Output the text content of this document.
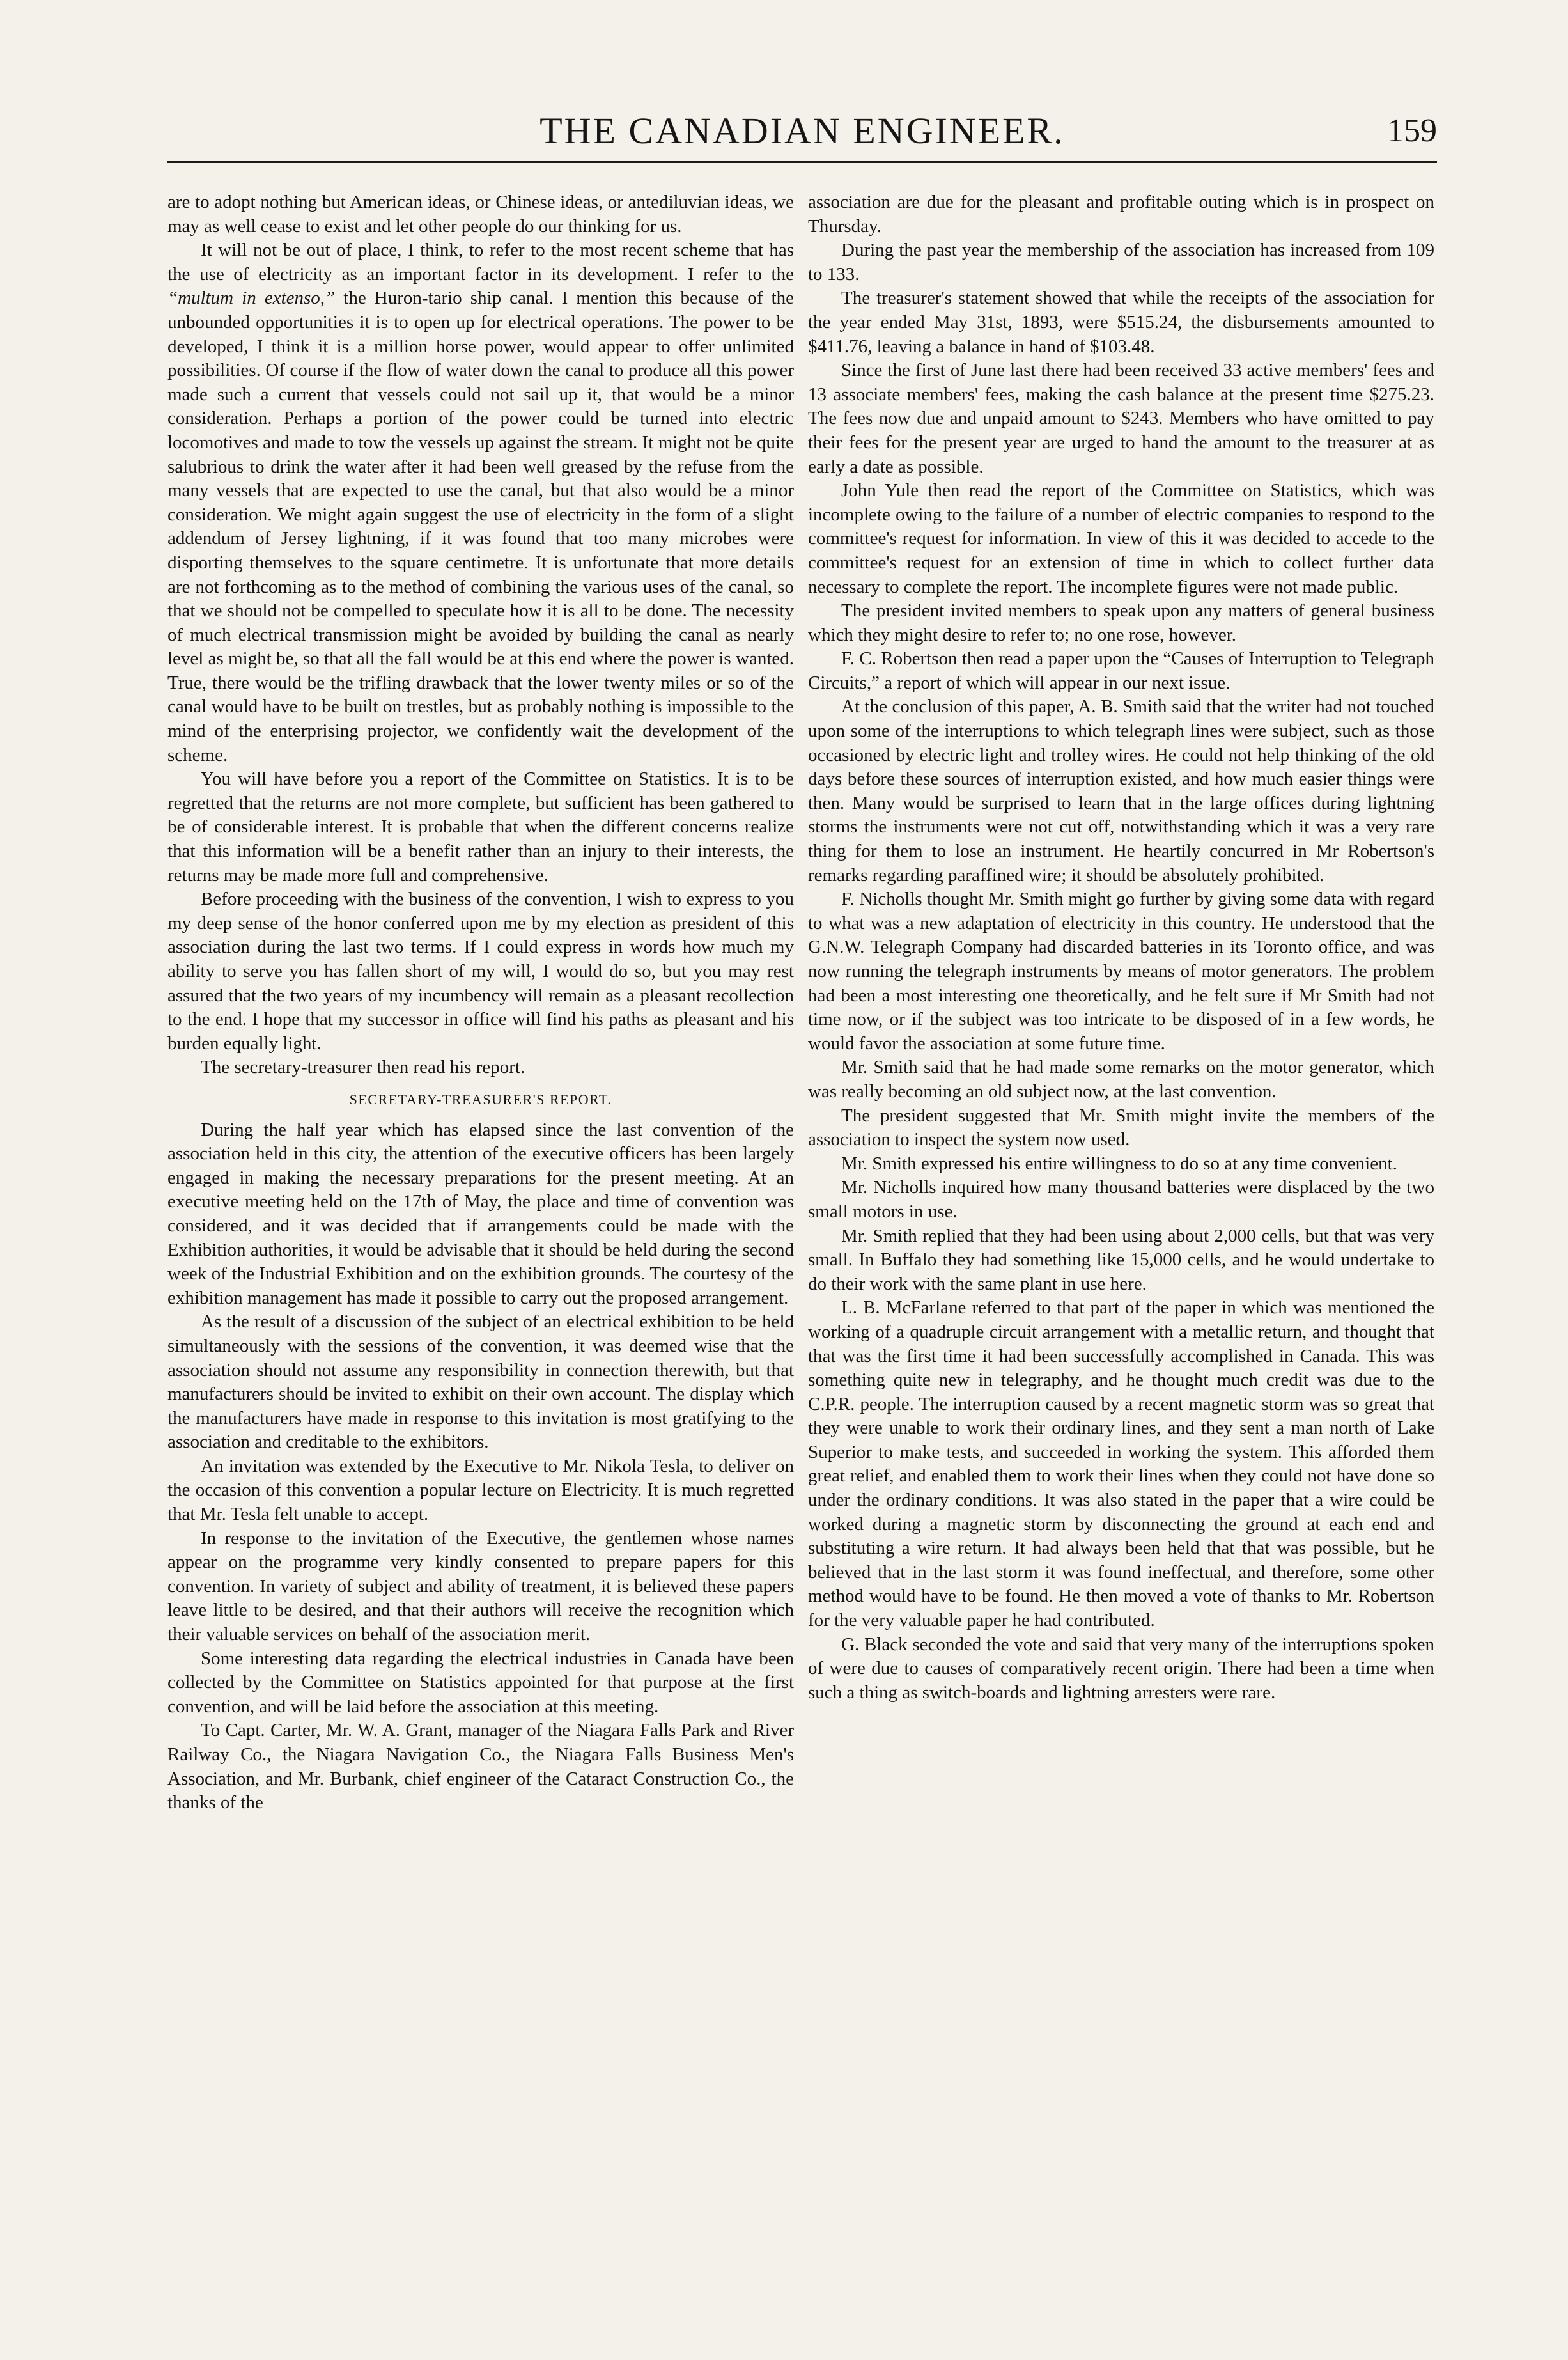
THE CANADIAN ENGINEER.	159

are to adopt nothing but American ideas, or Chinese ideas, or antediluvian ideas, we may as well cease to exist and let other people do our thinking for us.

It will not be out of place, I think, to refer to the most recent scheme that has the use of electricity as an important factor in its development. I refer to the “multum in extenso,” the Huron-tario ship canal. I mention this because of the unbounded opportunities it is to open up for electrical operations. The power to be developed, I think it is a million horse power, would appear to offer unlimited possibilities. Of course if the flow of water down the canal to produce all this power made such a current that vessels could not sail up it, that would be a minor consideration. Perhaps a portion of the power could be turned into electric locomotives and made to tow the vessels up against the stream. It might not be quite salubrious to drink the water after it had been well greased by the refuse from the many vessels that are expected to use the canal, but that also would be a minor consideration. We might again suggest the use of electricity in the form of a slight addendum of Jersey lightning, if it was found that too many microbes were disporting themselves to the square centimetre. It is unfortunate that more details are not forthcoming as to the method of combining the various uses of the canal, so that we should not be compelled to speculate how it is all to be done. The necessity of much electrical transmission might be avoided by building the canal as nearly level as might be, so that all the fall would be at this end where the power is wanted. True, there would be the trifling drawback that the lower twenty miles or so of the canal would have to be built on trestles, but as probably nothing is impossible to the mind of the enterprising projector, we confidently wait the development of the scheme.

You will have before you a report of the Committee on Statistics. It is to be regretted that the returns are not more complete, but sufficient has been gathered to be of considerable interest. It is probable that when the different concerns realize that this information will be a benefit rather than an injury to their interests, the returns may be made more full and comprehensive.

Before proceeding with the business of the convention, I wish to express to you my deep sense of the honor conferred upon me by my election as president of this association during the last two terms. If I could express in words how much my ability to serve you has fallen short of my will, I would do so, but you may rest assured that the two years of my incumbency will remain as a pleasant recollection to the end. I hope that my successor in office will find his paths as pleasant and his burden equally light.

The secretary-treasurer then read his report.

SECRETARY-TREASURER'S REPORT.

During the half year which has elapsed since the last convention of the association held in this city, the attention of the executive officers has been largely engaged in making the necessary preparations for the present meeting. At an executive meeting held on the 17th of May, the place and time of convention was considered, and it was decided that if arrangements could be made with the Exhibition authorities, it would be advisable that it should be held during the second week of the Industrial Exhibition and on the exhibition grounds. The courtesy of the exhibition management has made it possible to carry out the proposed arrangement.

As the result of a discussion of the subject of an electrical exhibition to be held simultaneously with the sessions of the convention, it was deemed wise that the association should not assume any responsibility in connection therewith, but that manufacturers should be invited to exhibit on their own account. The display which the manufacturers have made in response to this invitation is most gratifying to the association and creditable to the exhibitors.

An invitation was extended by the Executive to Mr. Nikola Tesla, to deliver on the occasion of this convention a popular lecture on Electricity. It is much regretted that Mr. Tesla felt unable to accept.

In response to the invitation of the Executive, the gentlemen whose names appear on the programme very kindly consented to prepare papers for this convention. In variety of subject and ability of treatment, it is believed these papers leave little to be desired, and that their authors will receive the recognition which their valuable services on behalf of the association merit.

Some interesting data regarding the electrical industries in Canada have been collected by the Committee on Statistics appointed for that purpose at the first convention, and will be laid before the association at this meeting.

To Capt. Carter, Mr. W. A. Grant, manager of the Niagara Falls Park and River Railway Co., the Niagara Navigation Co., the Niagara Falls Business Men's Association, and Mr. Burbank, chief engineer of the Cataract Construction Co., the thanks of the

association are due for the pleasant and profitable outing which is in prospect on Thursday.

During the past year the membership of the association has increased from 109 to 133.

The treasurer's statement showed that while the receipts of the association for the year ended May 31st, 1893, were $515.24, the disbursements amounted to $411.76, leaving a balance in hand of $103.48.

Since the first of June last there had been received 33 active members' fees and 13 associate members' fees, making the cash balance at the present time $275.23. The fees now due and unpaid amount to $243. Members who have omitted to pay their fees for the present year are urged to hand the amount to the treasurer at as early a date as possible.

John Yule then read the report of the Committee on Statistics, which was incomplete owing to the failure of a number of electric companies to respond to the committee's request for information. In view of this it was decided to accede to the committee's request for an extension of time in which to collect further data necessary to complete the report. The incomplete figures were not made public.

The president invited members to speak upon any matters of general business which they might desire to refer to; no one rose, however.

F. C. Robertson then read a paper upon the “Causes of Interruption to Telegraph Circuits,” a report of which will appear in our next issue.

At the conclusion of this paper, A. B. Smith said that the writer had not touched upon some of the interruptions to which telegraph lines were subject, such as those occasioned by electric light and trolley wires. He could not help thinking of the old days before these sources of interruption existed, and how much easier things were then. Many would be surprised to learn that in the large offices during lightning storms the instruments were not cut off, notwithstanding which it was a very rare thing for them to lose an instrument. He heartily concurred in Mr Robertson's remarks regarding paraffined wire; it should be absolutely prohibited.

F. Nicholls thought Mr. Smith might go further by giving some data with regard to what was a new adaptation of electricity in this country. He understood that the G.N.W. Telegraph Company had discarded batteries in its Toronto office, and was now running the telegraph instruments by means of motor generators. The problem had been a most interesting one theoretically, and he felt sure if Mr Smith had not time now, or if the subject was too intricate to be disposed of in a few words, he would favor the association at some future time.

Mr. Smith said that he had made some remarks on the motor generator, which was really becoming an old subject now, at the last convention.

The president suggested that Mr. Smith might invite the members of the association to inspect the system now used.

Mr. Smith expressed his entire willingness to do so at any time convenient.

Mr. Nicholls inquired how many thousand batteries were displaced by the two small motors in use.

Mr. Smith replied that they had been using about 2,000 cells, but that was very small. In Buffalo they had something like 15,000 cells, and he would undertake to do their work with the same plant in use here.

L. B. McFarlane referred to that part of the paper in which was mentioned the working of a quadruple circuit arrangement with a metallic return, and thought that that was the first time it had been successfully accomplished in Canada. This was something quite new in telegraphy, and he thought much credit was due to the C.P.R. people. The interruption caused by a recent magnetic storm was so great that they were unable to work their ordinary lines, and they sent a man north of Lake Superior to make tests, and succeeded in working the system. This afforded them great relief, and enabled them to work their lines when they could not have done so under the ordinary conditions. It was also stated in the paper that a wire could be worked during a magnetic storm by disconnecting the ground at each end and substituting a wire return. It had always been held that that was possible, but he believed that in the last storm it was found ineffectual, and therefore, some other method would have to be found. He then moved a vote of thanks to Mr. Robertson for the very valuable paper he had contributed.

G. Black seconded the vote and said that very many of the interruptions spoken of were due to causes of comparatively recent origin. There had been a time when such a thing as switch-boards and lightning arresters were rare.
